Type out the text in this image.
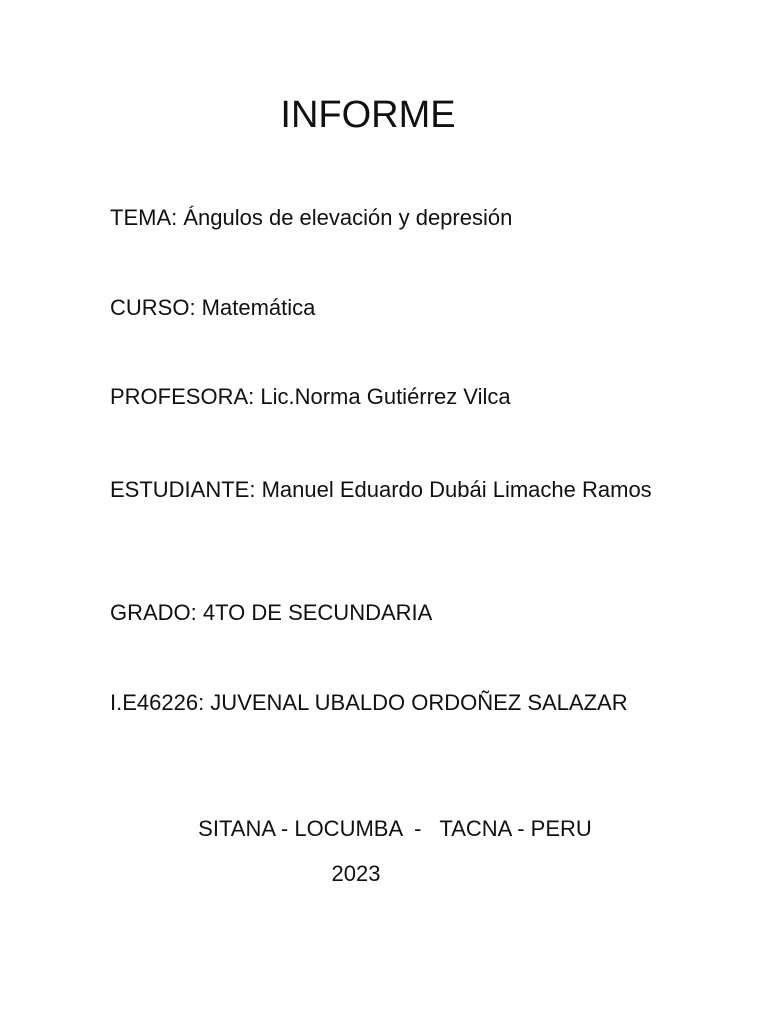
INFORME

TEMA: Ángulos de elevación y depresión

CURSO: Matemática

PROFESORA: Lic.Norma Gutiérrez Vilca

ESTUDIANTE: Manuel Eduardo Dubái Limache Ramos

GRADO: 4TO DE SECUNDARIA

I.E46226: JUVENAL UBALDO ORDOÑEZ SALAZAR

SITANA - LOCUMBA  -   TACNA - PERU

2023
